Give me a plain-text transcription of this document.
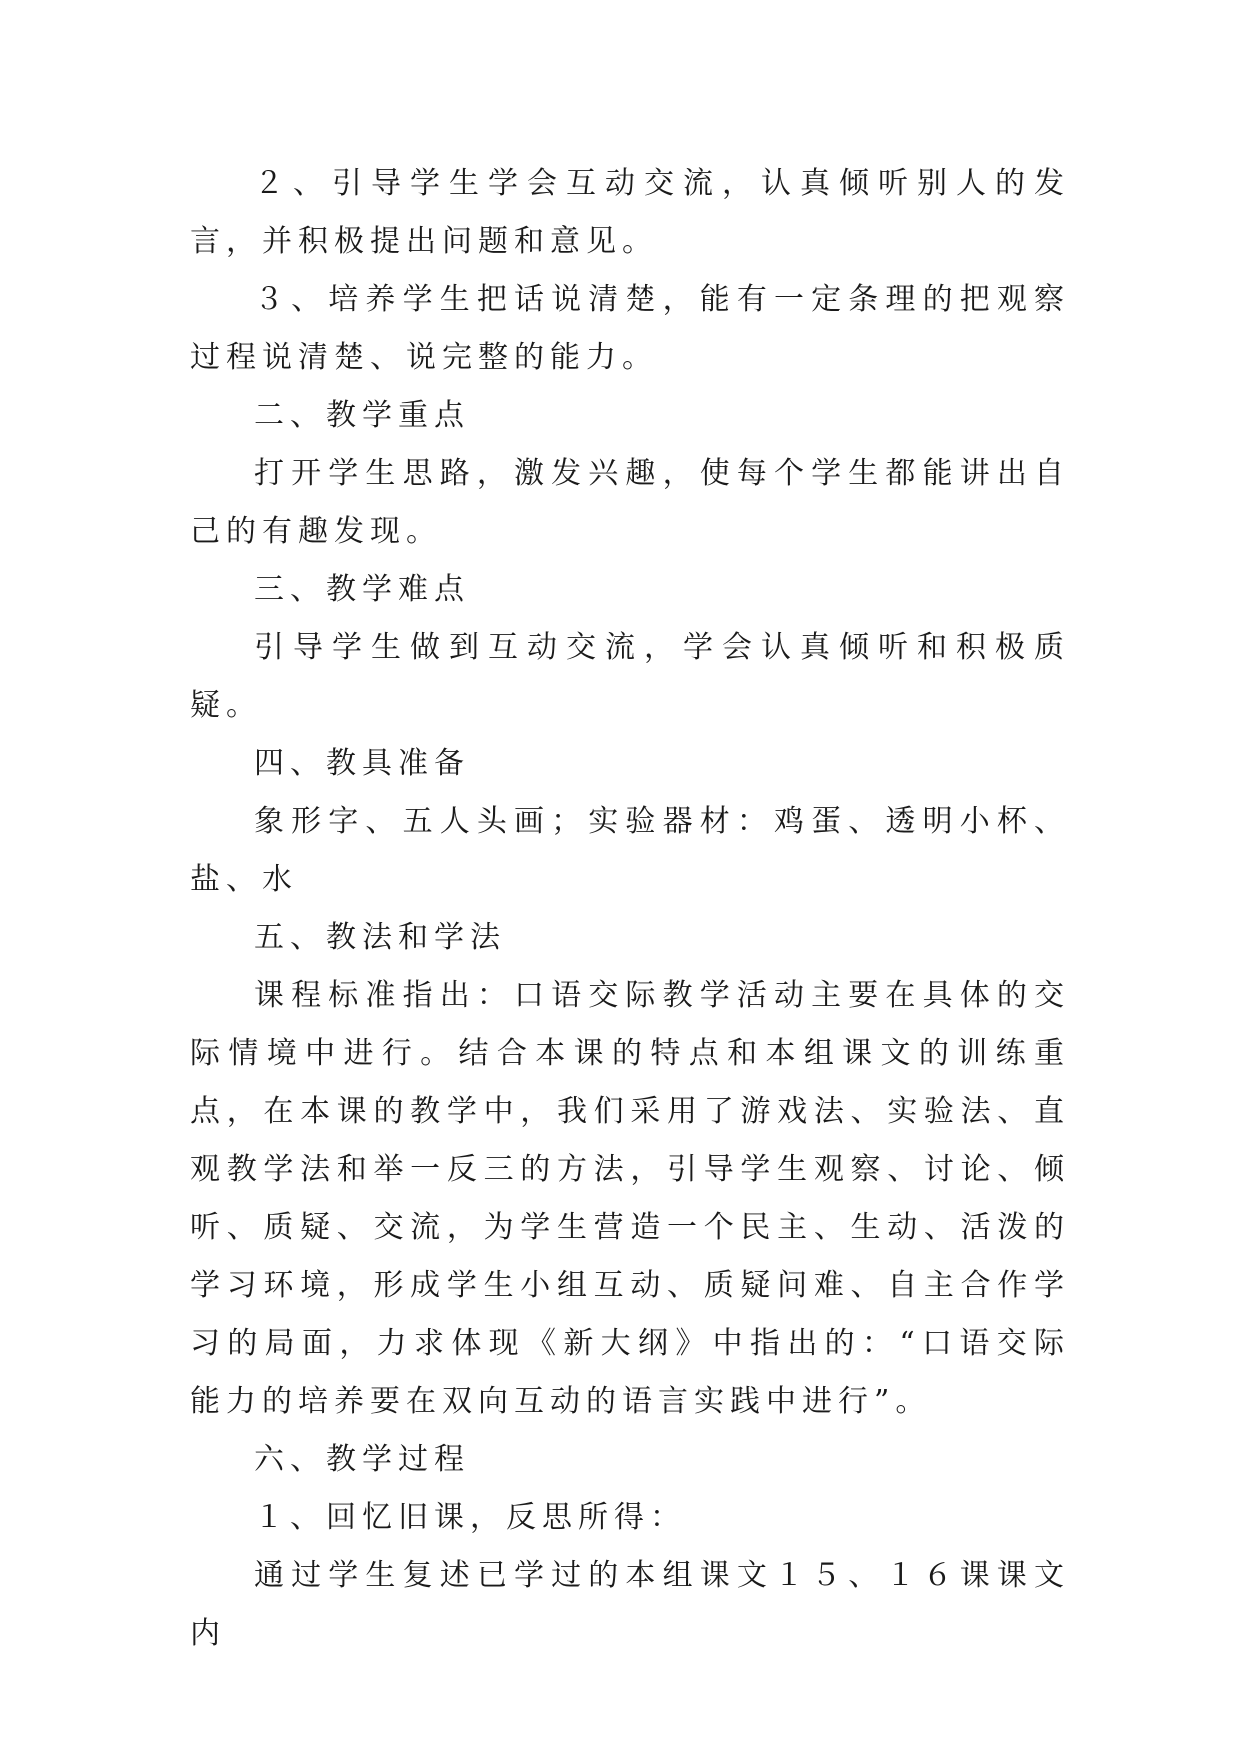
２、引导学生学会互动交流，认真倾听别人的发言，并积极提出问题和意见。

３、培养学生把话说清楚，能有一定条理的把观察过程说清楚、说完整的能力。

二、教学重点

打开学生思路，激发兴趣，使每个学生都能讲出自己的有趣发现。

三、教学难点

引导学生做到互动交流，学会认真倾听和积极质疑。

四、教具准备

象形字、五人头画；实验器材：鸡蛋、透明小杯、盐、水

五、教法和学法

课程标准指出：口语交际教学活动主要在具体的交际情境中进行。结合本课的特点和本组课文的训练重点，在本课的教学中，我们采用了游戏法、实验法、直观教学法和举一反三的方法，引导学生观察、讨论、倾听、质疑、交流，为学生营造一个民主、生动、活泼的学习环境，形成学生小组互动、质疑问难、自主合作学习的局面，力求体现《新大纲》中指出的：“口语交际能力的培养要在双向互动的语言实践中进行”。

六、教学过程

１、回忆旧课，反思所得：

通过学生复述已学过的本组课文１５、１６课课文内
